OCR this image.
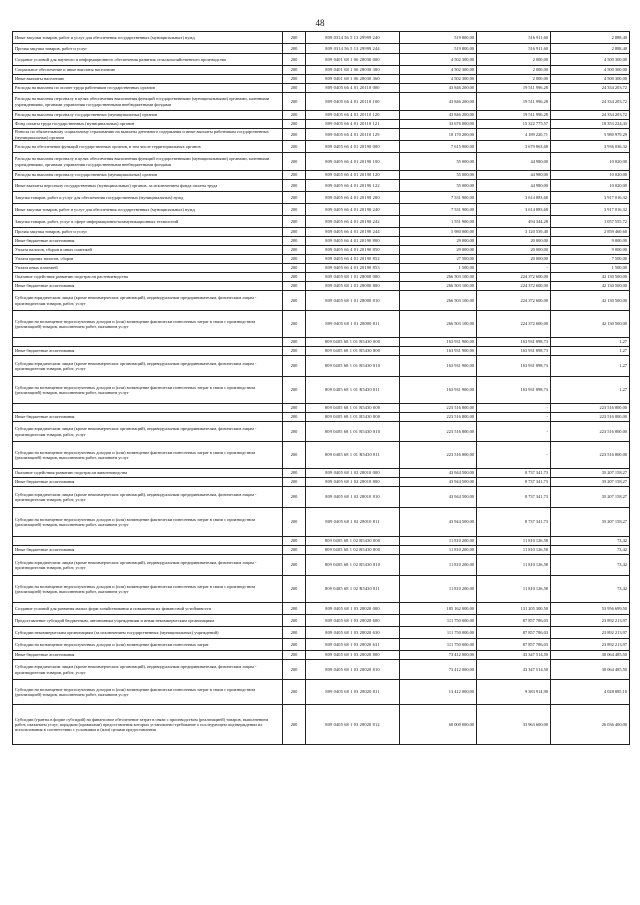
48
Иные закупки товаров, работ и услуг для обеспечения государственных (муниципальных) нужд	200	809 0314 56 5 13 29999 240	519 800,00	516 911,60	2 888,40
Прочая закупка товаров, работ и услуг	200	809 0314 56 5 13 29999 244	519 800,00	516 911,60	2 888,40
Создание условий для научного и информационного обеспечения развития сельскохозяйственного производства	200	809 0401 68 1 06 28030 000	4 502 300,00	2 000,00	4 500 300,00
Социальное обеспечение и иные выплаты населению	200	809 0401 68 1 06 28030 300	4 502 300,00	2 000,00	4 500 300,00
Иные выплаты населению	200	809 0401 68 1 06 28030 360	4 502 300,00	2 000,00	4 500 300,00
Расходы на выплаты по оплате труда работников государственных органов	200	809 0405 66 4 01 20110 000	43 846 200,00	19 511 996,28	24 334 203,72
Расходы на выплаты персоналу в целях обеспечения выполнения функций государственными (муниципальными) органами, казенными учреждениями, органами управления государственными внебюджетными фондами	200	809 0405 66 4 01 20110 100	43 846 200,00	19 511 996,28	24 334 203,72
Расходы на выплаты персоналу государственных (муниципальных) органов	200	809 0405 66 4 01 20110 120	43 846 200,00	19 511 996,28	24 334 203,72
Фонд оплаты труда государственных (муниципальных) органов	200	809 0405 66 4 01 20110 121	33 676 000,00	15 322 775,57	18 353 224,43
Взносы по обязательному социальному страхованию на выплаты денежного содержания и иные выплаты работникам государственных (муниципальных) органов	200	809 0405 66 4 01 20110 129	10 170 200,00	4 189 220,71	5 980 979,29
Расходы на обеспечение функций государственных органов, в том числе территориальных органов	200	809 0405 66 4 01 20190 000	7 615 900,00	3 679 863,68	3 936 036,32
Расходы на выплаты персоналу в целях обеспечения выполнения функций государственными (муниципальными) органами, казенными учреждениями, органами управления государственными внебюджетными фондами	200	809 0405 66 4 01 20190 100	55 000,00	44 980,00	10 020,00
Расходы на выплаты персоналу государственных (муниципальных) органов	200	809 0405 66 4 01 20190 120	55 000,00	44 980,00	10 020,00
Иные выплаты персоналу государственных (муниципальных) органов, за исключением фонда оплаты труда	200	809 0405 66 4 01 20190 122	55 000,00	44 980,00	10 020,00
Закупка товаров, работ и услуг для обеспечения государственных (муниципальных) нужд	200	809 0405 66 4 01 20190 200	7 531 900,00	3 614 883,68	3 917 016,32
Иные закупки товаров, работ и услуг для обеспечения государственных (муниципальных) нужд	200	809 0405 66 4 01 20190 240	7 531 900,00	3 614 883,68	3 917 016,32
Закупка товаров, работ, услуг в сфере информационно-коммуникационных технологий	200	809 0405 66 4 01 20190 242	1 551 900,00	494 344,28	1 057 555,72
Прочая закупка товаров, работ и услуг	200	809 0405 66 4 01 20190 244	5 980 000,00	3 120 539,40	2 859 460,60
Иные бюджетные ассигнования	200	809 0405 66 4 01 20190 800	29 000,00	20 000,00	9 000,00
Уплата налогов, сборов и иных платежей	200	809 0405 66 4 01 20190 850	29 000,00	20 000,00	9 000,00
Уплата прочих налогов, сборов	200	809 0405 66 4 01 20190 852	27 500,00	20 000,00	7 500,00
Уплата иных платежей	200	809 0405 66 4 01 20190 853	1 500,00	-	1 500,00
Оказание содействия развитию подотрасли растениеводства	200	809 0405 68 1 01 28000 000	266 503 100,00	224 372 600,00	42 130 500,00
Иные бюджетные ассигнования	200	809 0405 68 1 01 28000 800	266 503 100,00	224 372 600,00	42 130 500,00
Субсидии юридическим лицам (кроме некоммерческих организаций), индивидуальным предпринимателям, физическим лицам - производителям товаров, работ, услуг	200	809 0405 68 1 01 28000 810	266 503 100,00	224 372 600,00	42 130 500,00
Субсидии на возмещение недополученных доходов и (или) возмещение фактически понесенных затрат в связи с производством (реализацией) товаров, выполнением работ, оказанием услуг	200	809 0405 68 1 01 28000 811	266 503 100,00	224 372 600,00	42 130 500,00
	200	809 0405 68 1 01 R5430 000	163 931 900,00	163 931 898,73	1,27
Иные бюджетные ассигнования	200	809 0405 68 1 01 R5430 800	163 931 900,00	163 931 898,73	1,27
Субсидии юридическим лицам (кроме некоммерческих организаций), индивидуальным предпринимателям, физическим лицам - производителям товаров, работ, услуг	200	809 0405 68 1 01 R5430 810	163 931 900,00	163 931 898,73	1,27
Субсидии на возмещение недополученных доходов и (или) возмещение фактически понесенных затрат в связи с производством (реализацией) товаров, выполнением работ, оказанием услуг	200	809 0405 68 1 01 R5430 811	163 931 900,00	163 931 898,73	1,27
	200	809 0405 68 1 01 R5430 000	223 516 800,00	-	223 516 800,00
Иные бюджетные ассигнования	200	809 0405 68 1 01 R5430 800	223 516 800,00	-	223 516 800,00
Субсидии юридическим лицам (кроме некоммерческих организаций), индивидуальным предпринимателям, физическим лицам - производителям товаров, работ, услуг	200	809 0405 68 1 01 R5430 810	223 516 800,00	-	223 516 800,00
Субсидии на возмещение недополученных доходов и (или) возмещение фактически понесенных затрат в связи с производством (реализацией) товаров, выполнением работ, оказанием услуг	200	809 0405 68 1 01 R5430 811	223 516 800,00	-	223 516 800,00
Оказание содействия развитию подотрасли животноводства	200	809 0405 68 1 02 28010 000	43 944 500,00	8 737 341,73	35 207 158,27
Иные бюджетные ассигнования	200	809 0405 68 1 02 28010 800	43 944 500,00	8 737 341,73	35 207 158,27
Субсидии юридическим лицам (кроме некоммерческих организаций), индивидуальным предпринимателям, физическим лицам - производителям товаров, работ, услуг	200	809 0405 68 1 02 28010 810	43 944 500,00	8 737 341,73	35 207 158,27
Субсидии на возмещение недополученных доходов и (или) возмещение фактически понесенных затрат в связи с производством (реализацией) товаров, выполнением работ, оказанием услуг	200	809 0405 68 1 02 28010 811	43 944 500,00	8 737 341,73	35 207 158,27
	200	809 0405 68 1 02 R5430 000	11 810 200,00	11 810 126,58	73,42
Иные бюджетные ассигнования	200	809 0405 68 1 02 R5430 800	11 810 200,00	11 810 126,58	73,42
Субсидии юридическим лицам (кроме некоммерческих организаций), индивидуальным предпринимателям, физическим лицам - производителям товаров, работ, услуг	200	809 0405 68 1 02 R5430 810	11 810 200,00	11 810 126,58	73,42
Субсидии на возмещение недополученных доходов и (или) возмещение фактически понесенных затрат в связи с производством (реализацией) товаров, выполнением работ, оказанием услуг	200	809 0405 68 1 02 R5430 811	11 810 200,00	11 810 126,58	73,42
Создание условий для развития малых форм хозяйствования и повышения их финансовой устойчивости	200	809 0405 68 1 03 28020 000	185 162 000,00	131 205 300,50	53 956 699,50
Предоставление субсидий бюджетным, автономным учреждениям и иным некоммерческим организациям	200	809 0405 68 1 03 28020 600	111 750 000,00	87 857 786,03	23 892 213,97
Субсидии некоммерческим организациям (за исключением государственных (муниципальных) учреждений)	200	809 0405 68 1 03 28020 630	111 750 000,00	87 857 786,03	23 892 213,97
Субсидии на возмещение недополученных доходов и (или) возмещение фактически понесенных затрат	200	809 0405 68 1 03 28020 631	111 750 000,00	87 857 786,03	23 892 213,97
Иные бюджетные ассигнования	200	809 0405 68 1 03 28020 800	73 412 000,00	43 347 514,50	30 064 485,50
Субсидии юридическим лицам (кроме некоммерческих организаций), индивидуальным предпринимателям, физическим лицам - производителям товаров, работ, услуг	200	809 0405 68 1 03 28020 810	73 412 000,00	43 347 514,50	30 064 485,50
Субсидии на возмещение недополученных доходов и (или) возмещение фактически понесенных затрат в связи с производством (реализацией) товаров, выполнением работ, оказанием услуг	200	809 0405 68 1 03 28020 811	13 412 000,00	9 383 914,90	4 028 085,10
Субсидии (гранты в форме субсидий) на финансовое обеспечение затрат в связи с производством (реализацией) товаров, выполнением работ, оказанием услуг, порядком (правилами) предоставления которых установлено требование о последующем подтверждении их использования в соответствии с условиями и (или) целями предоставления	200	809 0405 68 1 03 28020 812	60 000 000,00	33 963 600,00	26 036 400,00
